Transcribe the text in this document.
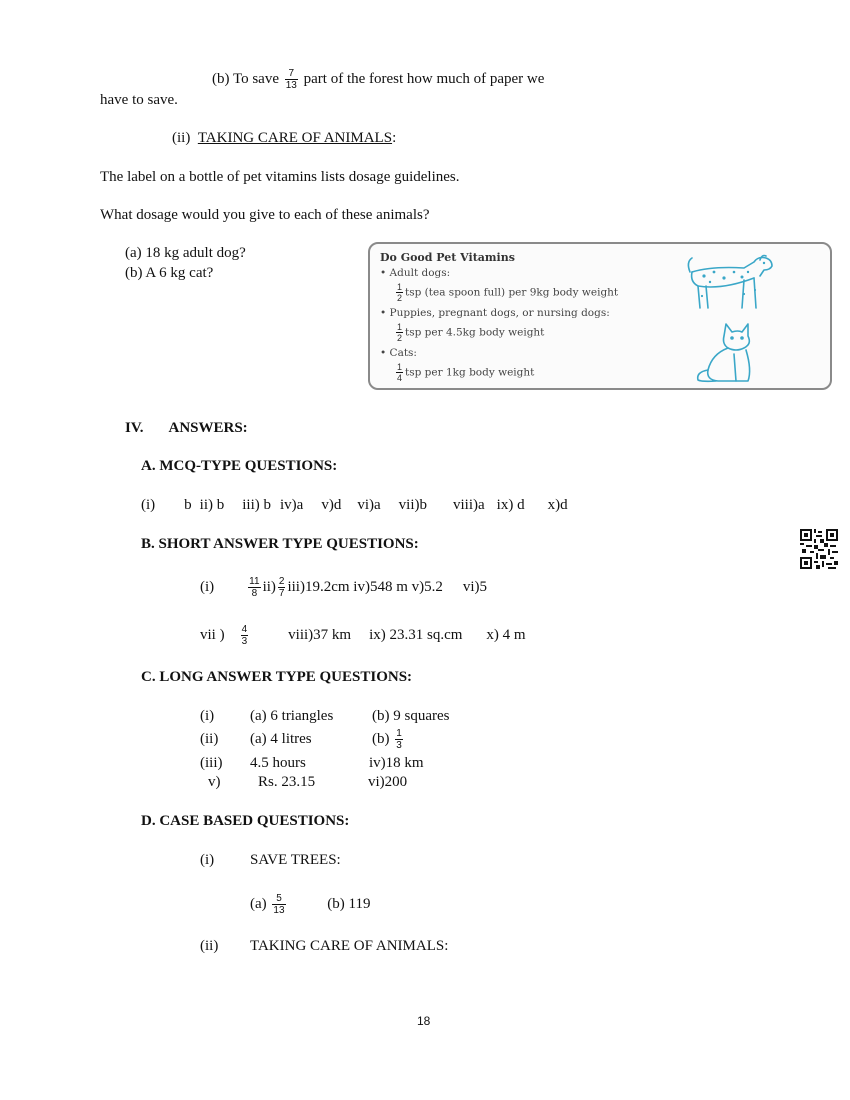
(b) To save $\frac{7}{13}$ part of the forest how much of paper we
have to save.
(ii) TAKING CARE OF ANIMALS:
The label on a bottle of pet vitamins lists dosage guidelines.
What dosage would you give to each of these animals?
(a) 18 kg adult dog?
(b) A 6 kg cat?
Do Good Pet Vitamins
• Adult dogs:
$\frac{1}{2}$ tsp (tea spoon full) per 9kg body weight
• Puppies, pregnant dogs, or nursing dogs:
$\frac{1}{2}$ tsp per 4.5kg body weight
• Cats:
$\frac{1}{4}$ tsp per 1kg body weight
IV. ANSWERS:
A. MCQ-TYPE QUESTIONS:
(i) b ii) b iii) b iv)a v)d vi)a vii)b viii)a ix) d x)d
B. SHORT ANSWER TYPE QUESTIONS:
(i)	$\frac{11}{8} ii) \frac{2}{7} iii)19.2cm$ iv)548 m v)5.2 vi)5
vii ) $\frac{4}{3}$	viii)37 km ix) 23.31 sq.cm x) 4 m
C. LONG ANSWER TYPE QUESTIONS:
(i) (a) 6 triangles	(b) 9 squares
(ii) (a) 4 litres	$(b) \frac{1}{3}$
(iii) 4.5 hours	iv)18 km
v)	Rs. 23.15	vi)200
D. CASE BASED QUESTIONS:
(i) SAVE TREES:
$(a) \frac{5}{13}$	(b) 119
(ii) TAKING CARE OF ANIMALS:
18
